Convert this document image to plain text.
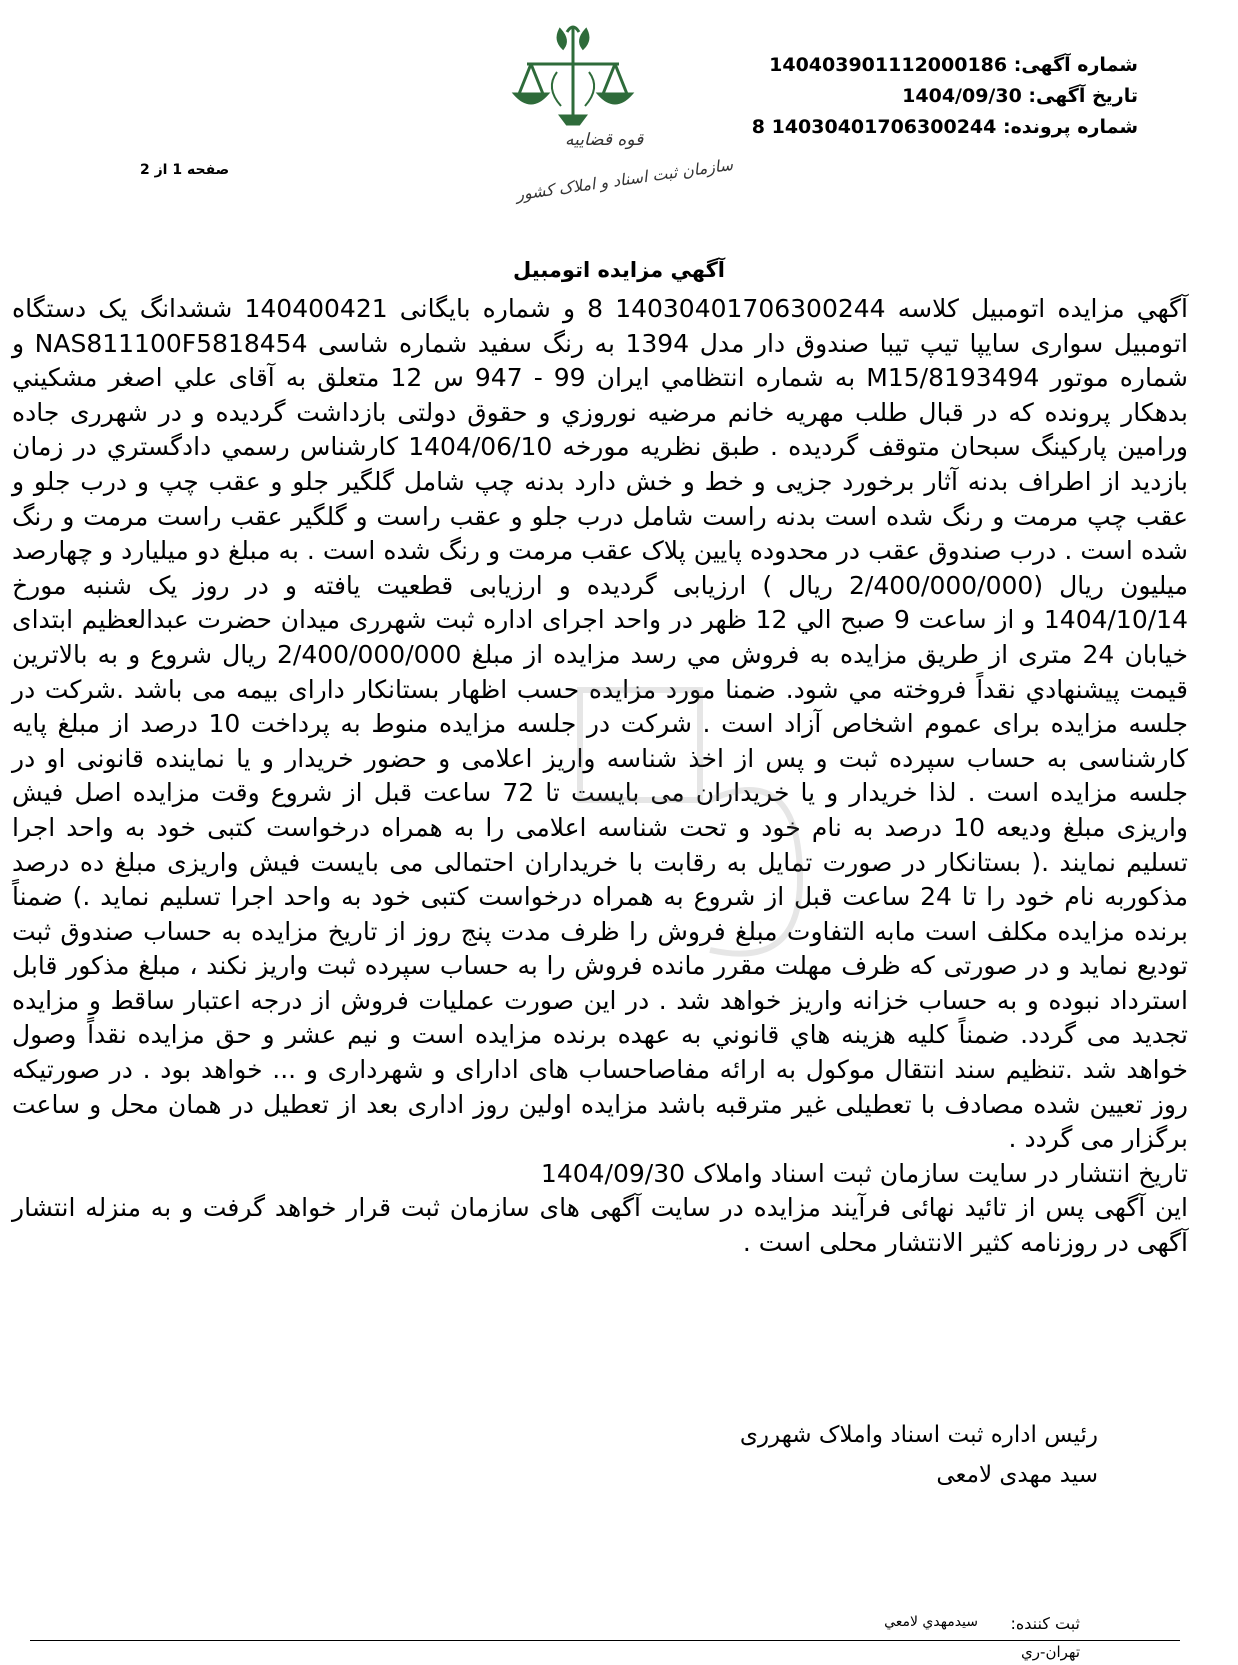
شماره آگهی: 140403901112000186
تاریخ آگهی: 1404/09/30
شماره پرونده: 14030401706300244 8
صفحه 1 از 2
قوه قضاییه
سازمان ثبت اسناد و املاک کشور
آگهي مزايده اتومبيل

آگهي مزايده اتومبيل کلاسه 14030401706300244 8 و شماره بایگانی 140400421 ششدانگ یک دستگاه اتومبیل سواری سایپا تیپ تیبا صندوق دار مدل 1394 به رنگ سفید شماره شاسی NAS811100F5818454 و شماره موتور M15/8193494 به شماره انتظامي ايران 99 - 947 س 12 متعلق به آقای علي اصغر مشکيني بدهکار پرونده که در قبال طلب مهريه خانم مرضيه نوروزي و حقوق دولتی بازداشت گردیده و در شهرری جاده ورامین پارکینگ سبحان متوقف گردیده . طبق نظریه مورخه 1404/06/10 کارشناس رسمي دادگستري در زمان بازدید از اطراف بدنه آثار برخورد جزیی و خط و خش دارد بدنه چپ شامل گلگیر جلو و عقب چپ و درب جلو و عقب چپ مرمت و رنگ شده است بدنه راست شامل درب جلو و عقب راست و گلگیر عقب راست مرمت و رنگ شده است . درب صندوق عقب در محدوده پایین پلاک عقب مرمت و رنگ شده است . به مبلغ دو میلیارد و چهارصد میلیون ریال (2/400/000/000 ریال ) ارزیابی گردیده و ارزیابی قطعیت یافته و در روز یک شنبه مورخ 1404/10/14 و از ساعت 9 صبح الي 12 ظهر در واحد اجرای اداره ثبت شهرری میدان حضرت عبدالعظیم ابتدای خیابان 24 متری از طريق مزايده به فروش مي رسد مزایده از مبلغ 2/400/000/000 ریال شروع و به بالاترین قيمت پيشنهادي نقداً فروخته مي شود. ضمنا مورد مزایده حسب اظهار بستانکار دارای بیمه می باشد .شرکت در جلسه مزایده برای عموم اشخاص آزاد است . شرکت در جلسه مزایده منوط به پرداخت 10 درصد از مبلغ پایه کارشناسی به حساب سپرده ثبت و پس از اخذ شناسه واریز اعلامی و حضور خریدار و یا نماینده قانونی او در جلسه مزایده است . لذا خريدار و یا خریداران می بایست تا 72 ساعت قبل از شروع وقت مزايده اصل فیش واریزی مبلغ ودیعه 10 درصد به نام خود و تحت شناسه اعلامی را به همراه درخواست کتبی خود به واحد اجرا تسلیم نمایند .( بستانکار در صورت تمایل به رقابت با خریداران احتمالی می بایست فیش واریزی مبلغ ده درصد مذکوربه نام خود را تا 24 ساعت قبل از شروع به همراه درخواست کتبی خود به واحد اجرا تسلیم نماید .) ضمناً برنده مزایده مکلف است مابه التفاوت مبلغ فروش را ظرف مدت پنج روز از تاریخ مزایده به حساب صندوق ثبت تودیع نماید و در صورتی که ظرف مهلت مقرر مانده فروش را به حساب سپرده ثبت واریز نکند ، مبلغ مذکور قابل استرداد نبوده و به حساب خزانه واریز خواهد شد . در این صورت عملیات فروش از درجه اعتبار ساقط و مزایده تجدید می گردد. ضمناً کليه هزينه هاي قانوني به عهده برنده مزايده است و نيم عشر و حق مزايده نقداً وصول خواهد شد .تنظیم سند انتقال موکول به ارائه مفاصاحساب های ادارای و شهرداری و ... خواهد بود . در صورتیکه روز تعیین شده مصادف با تعطیلی غیر مترقبه باشد مزایده اولین روز اداری بعد از تعطیل در همان محل و ساعت برگزار می گردد .

تاریخ انتشار در سایت سازمان ثبت اسناد واملاک 1404/09/30

این آگهی پس از تائید نهائی فرآیند مزایده در سایت آگهی های سازمان ثبت قرار خواهد گرفت و به منزله انتشار آگهی در روزنامه کثیر الانتشار محلی است .

رئیس اداره ثبت اسناد واملاک شهرری
سید مهدی لامعی
ثبت کننده:
سیدمهدي لامعي
تهران-ري
